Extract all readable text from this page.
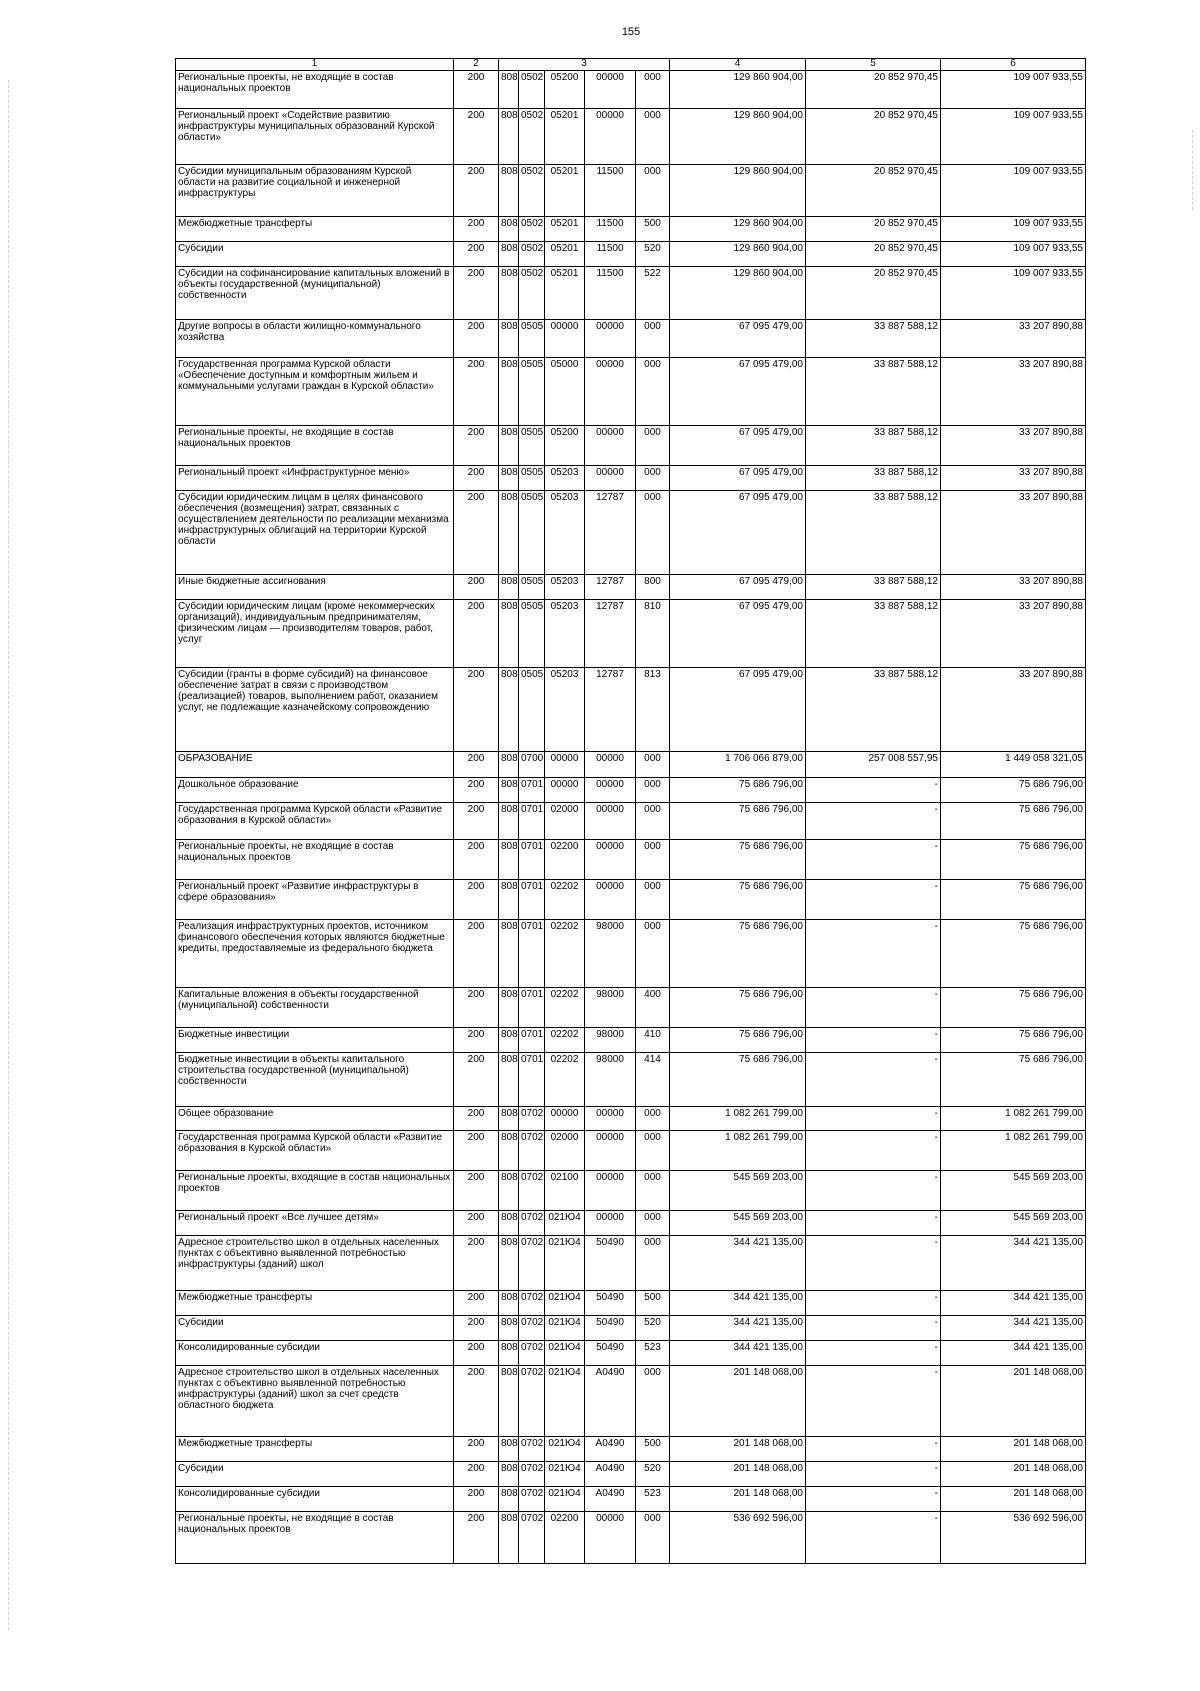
155
1	2	3					4	5	6
Региональные проекты, не входящие в состав национальных проектов	200	808	0502	05200	00000	000	129 860 904,00	20 852 970,45	109 007 933,55
Региональный проект «Содействие развитию инфраструктуры муниципальных образований Курской области»	200	808	0502	05201	00000	000	129 860 904,00	20 852 970,45	109 007 933,55
Субсидии муниципальным образованиям Курской области на развитие социальной и инженерной инфраструктуры	200	808	0502	05201	11500	000	129 860 904,00	20 852 970,45	109 007 933,55
Межбюджетные трансферты	200	808	0502	05201	11500	500	129 860 904,00	20 852 970,45	109 007 933,55
Субсидии	200	808	0502	05201	11500	520	129 860 904,00	20 852 970,45	109 007 933,55
Субсидии на софинансирование капитальных вложений в объекты государственной (муниципальной) собственности	200	808	0502	05201	11500	522	129 860 904,00	20 852 970,45	109 007 933,55
Другие вопросы в области жилищно-коммунального хозяйства	200	808	0505	00000	00000	000	67 095 479,00	33 887 588,12	33 207 890,88
Государственная программа Курской области «Обеспечение доступным и комфортным жильем и коммунальными услугами граждан в Курской области»	200	808	0505	05000	00000	000	67 095 479,00	33 887 588,12	33 207 890,88
Региональные проекты, не входящие в состав национальных проектов	200	808	0505	05200	00000	000	67 095 479,00	33 887 588,12	33 207 890,88
Региональный проект «Инфраструктурное меню»	200	808	0505	05203	00000	000	67 095 479,00	33 887 588,12	33 207 890,88
Субсидии юридическим лицам в целях финансового обеспечения (возмещения) затрат, связанных с осуществлением деятельности по реализации механизма инфраструктурных облигаций на территории Курской области	200	808	0505	05203	12787	000	67 095 479,00	33 887 588,12	33 207 890,88
Иные бюджетные ассигнования	200	808	0505	05203	12787	800	67 095 479,00	33 887 588,12	33 207 890,88
Субсидии юридическим лицам (кроме некоммерческих организаций), индивидуальным предпринимателям, физическим лицам — производителям товаров, работ, услуг	200	808	0505	05203	12787	810	67 095 479,00	33 887 588,12	33 207 890,88
Субсидии (гранты в форме субсидий) на финансовое обеспечение затрат в связи с производством (реализацией) товаров, выполнением работ, оказанием услуг, не подлежащие казначейскому сопровождению	200	808	0505	05203	12787	813	67 095 479,00	33 887 588,12	33 207 890,88
ОБРАЗОВАНИЕ	200	808	0700	00000	00000	000	1 706 066 879,00	257 008 557,95	1 449 058 321,05
Дошкольное образование	200	808	0701	00000	00000	000	75 686 796,00	-	75 686 796,00
Государственная программа Курской области «Развитие образования в Курской области»	200	808	0701	02000	00000	000	75 686 796,00	-	75 686 796,00
Региональные проекты, не входящие в состав национальных проектов	200	808	0701	02200	00000	000	75 686 796,00	-	75 686 796,00
Региональный проект «Развитие инфраструктуры в сфере образования»	200	808	0701	02202	00000	000	75 686 796,00	-	75 686 796,00
Реализация инфраструктурных проектов, источником финансового обеспечения которых являются бюджетные кредиты, предоставляемые из федерального бюджета	200	808	0701	02202	98000	000	75 686 796,00	-	75 686 796,00
Капитальные вложения в объекты государственной (муниципальной) собственности	200	808	0701	02202	98000	400	75 686 796,00	-	75 686 796,00
Бюджетные инвестиции	200	808	0701	02202	98000	410	75 686 796,00	-	75 686 796,00
Бюджетные инвестиции в объекты капитального строительства государственной (муниципальной) собственности	200	808	0701	02202	98000	414	75 686 796,00	-	75 686 796,00
Общее образование	200	808	0702	00000	00000	000	1 082 261 799,00	-	1 082 261 799,00
Государственная программа Курской области «Развитие образования в Курской области»	200	808	0702	02000	00000	000	1 082 261 799,00	-	1 082 261 799,00
Региональные проекты, входящие в состав национальных проектов	200	808	0702	02100	00000	000	545 569 203,00	-	545 569 203,00
Региональный проект «Все лучшее детям»	200	808	0702	021Ю4	00000	000	545 569 203,00	-	545 569 203,00
Адресное строительство школ в отдельных населенных пунктах с объективно выявленной потребностью инфраструктуры (зданий) школ	200	808	0702	021Ю4	50490	000	344 421 135,00	-	344 421 135,00
Межбюджетные трансферты	200	808	0702	021Ю4	50490	500	344 421 135,00	-	344 421 135,00
Субсидии	200	808	0702	021Ю4	50490	520	344 421 135,00	-	344 421 135,00
Консолидированные субсидии	200	808	0702	021Ю4	50490	523	344 421 135,00	-	344 421 135,00
Адресное строительство школ в отдельных населенных пунктах с объективно выявленной потребностью инфраструктуры (зданий) школ за счет средств областного бюджета	200	808	0702	021Ю4	А0490	000	201 148 068,00	-	201 148 068,00
Межбюджетные трансферты	200	808	0702	021Ю4	А0490	500	201 148 068,00	-	201 148 068,00
Субсидии	200	808	0702	021Ю4	А0490	520	201 148 068,00	-	201 148 068,00
Консолидированные субсидии	200	808	0702	021Ю4	А0490	523	201 148 068,00	-	201 148 068,00
Региональные проекты, не входящие в состав национальных проектов	200	808	0702	02200	00000	000	536 692 596,00	-	536 692 596,00
